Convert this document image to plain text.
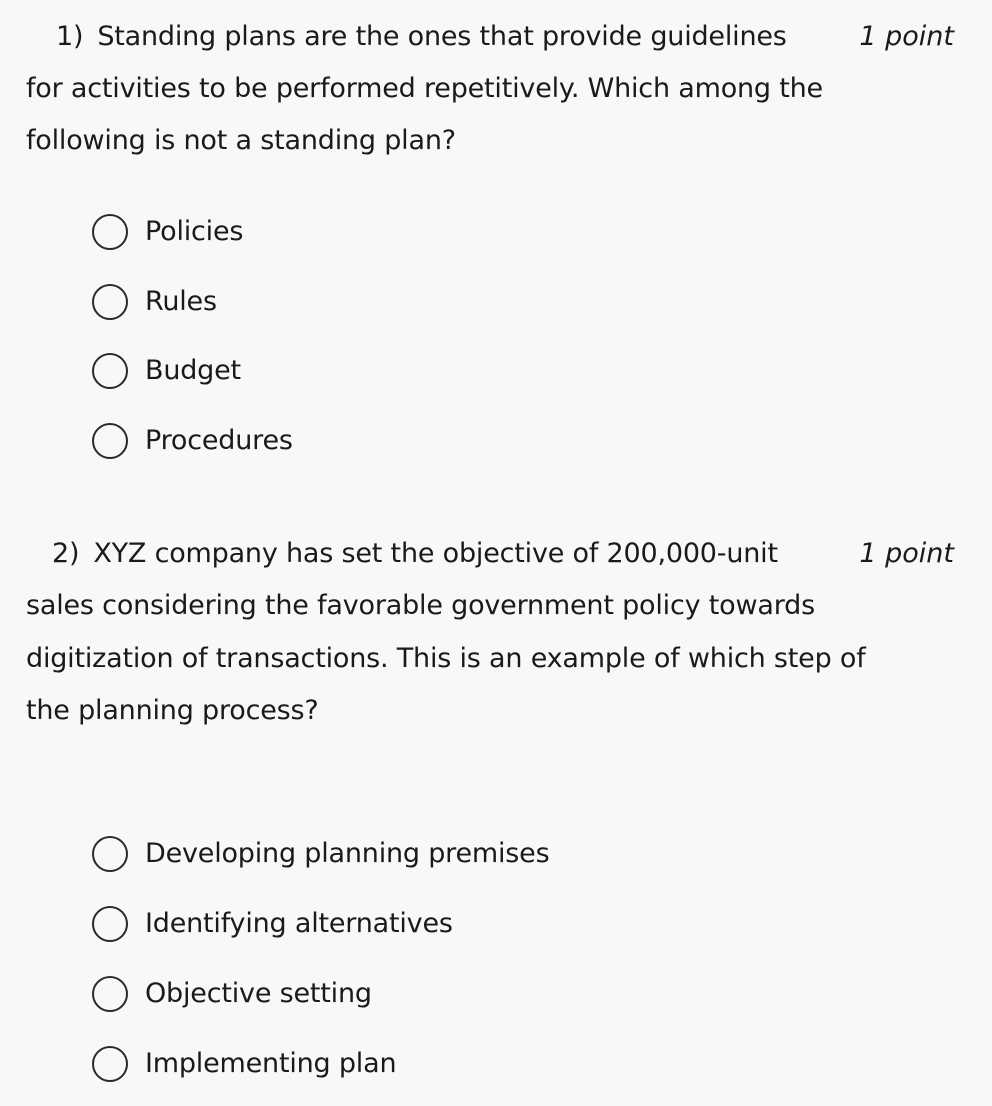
1) Standing plans are the ones that provide guidelines	1 point
for activities to be performed repetitively. Which among the
following is not a standing plan?
Policies
Rules
Budget
Procedures
2) XYZ company has set the objective of 200,000-unit	1 point
sales considering the favorable government policy towards
digitization of transactions. This is an example of which step of
the planning process?
Developing planning premises
Identifying alternatives
Objective setting
Implementing plan
